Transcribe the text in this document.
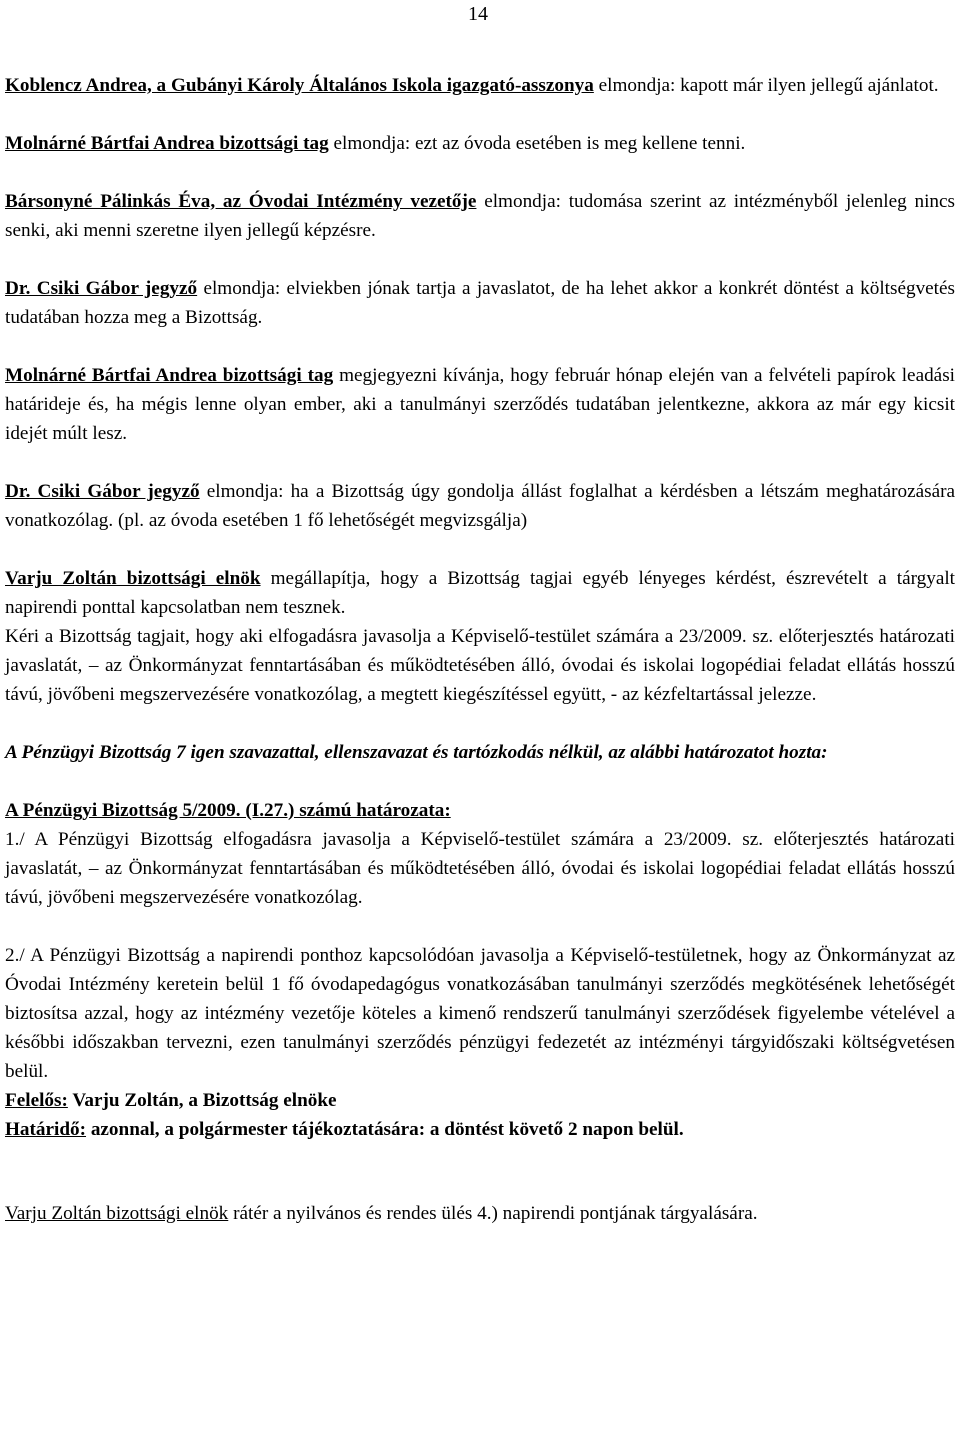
14

Koblencz Andrea, a Gubányi Károly Általános Iskola igazgató-asszonya elmondja: kapott már ilyen jellegű ajánlatot.

Molnárné Bártfai Andrea bizottsági tag elmondja: ezt az óvoda esetében is meg kellene tenni.

Bársonyné Pálinkás Éva, az Óvodai Intézmény vezetője elmondja: tudomása szerint az intézményből jelenleg nincs senki, aki menni szeretne ilyen jellegű képzésre.

Dr. Csiki Gábor jegyző elmondja: elviekben jónak tartja a javaslatot, de ha lehet akkor a konkrét döntést a költségvetés tudatában hozza meg a Bizottság.

Molnárné Bártfai Andrea bizottsági tag megjegyezni kívánja, hogy február hónap elején van a felvételi papírok leadási határideje és, ha mégis lenne olyan ember, aki a tanulmányi szerződés tudatában jelentkezne, akkora az már egy kicsit idejét múlt lesz.

Dr. Csiki Gábor jegyző elmondja: ha a Bizottság úgy gondolja állást foglalhat a kérdésben a létszám meghatározására vonatkozólag. (pl. az óvoda esetében 1 fő lehetőségét megvizsgálja)

Varju Zoltán bizottsági elnök megállapítja, hogy a Bizottság tagjai egyéb lényeges kérdést, észrevételt a tárgyalt napirendi ponttal kapcsolatban nem tesznek.

Kéri a Bizottság tagjait, hogy aki elfogadásra javasolja a Képviselő-testület számára a 23/2009. sz. előterjesztés határozati javaslatát, – az Önkormányzat fenntartásában és működtetésében álló, óvodai és iskolai logopédiai feladat ellátás hosszú távú, jövőbeni megszervezésére vonatkozólag, a megtett kiegészítéssel együtt, - az kézfeltartással jelezze.

A Pénzügyi Bizottság 7 igen szavazattal, ellenszavazat és tartózkodás nélkül, az alábbi határozatot hozta:

A Pénzügyi Bizottság 5/2009. (I.27.) számú határozata:

1./ A Pénzügyi Bizottság elfogadásra javasolja a Képviselő-testület számára a 23/2009. sz. előterjesztés határozati javaslatát, – az Önkormányzat fenntartásában és működtetésében álló, óvodai és iskolai logopédiai feladat ellátás hosszú távú, jövőbeni megszervezésére vonatkozólag.

2./ A Pénzügyi Bizottság a napirendi ponthoz kapcsolódóan javasolja a Képviselő-testületnek, hogy az Önkormányzat az Óvodai Intézmény keretein belül 1 fő óvodapedagógus vonatkozásában tanulmányi szerződés megkötésének lehetőségét biztosítsa azzal, hogy az intézmény vezetője köteles a kimenő rendszerű tanulmányi szerződések figyelembe vételével a későbbi időszakban tervezni, ezen tanulmányi szerződés pénzügyi fedezetét az intézményi tárgyidőszaki költségvetésen belül.

Felelős: Varju Zoltán, a Bizottság elnöke

Határidő: azonnal, a polgármester tájékoztatására: a döntést követő 2 napon belül.

Varju Zoltán bizottsági elnök rátér a nyilvános és rendes ülés 4.) napirendi pontjának tárgyalására.
